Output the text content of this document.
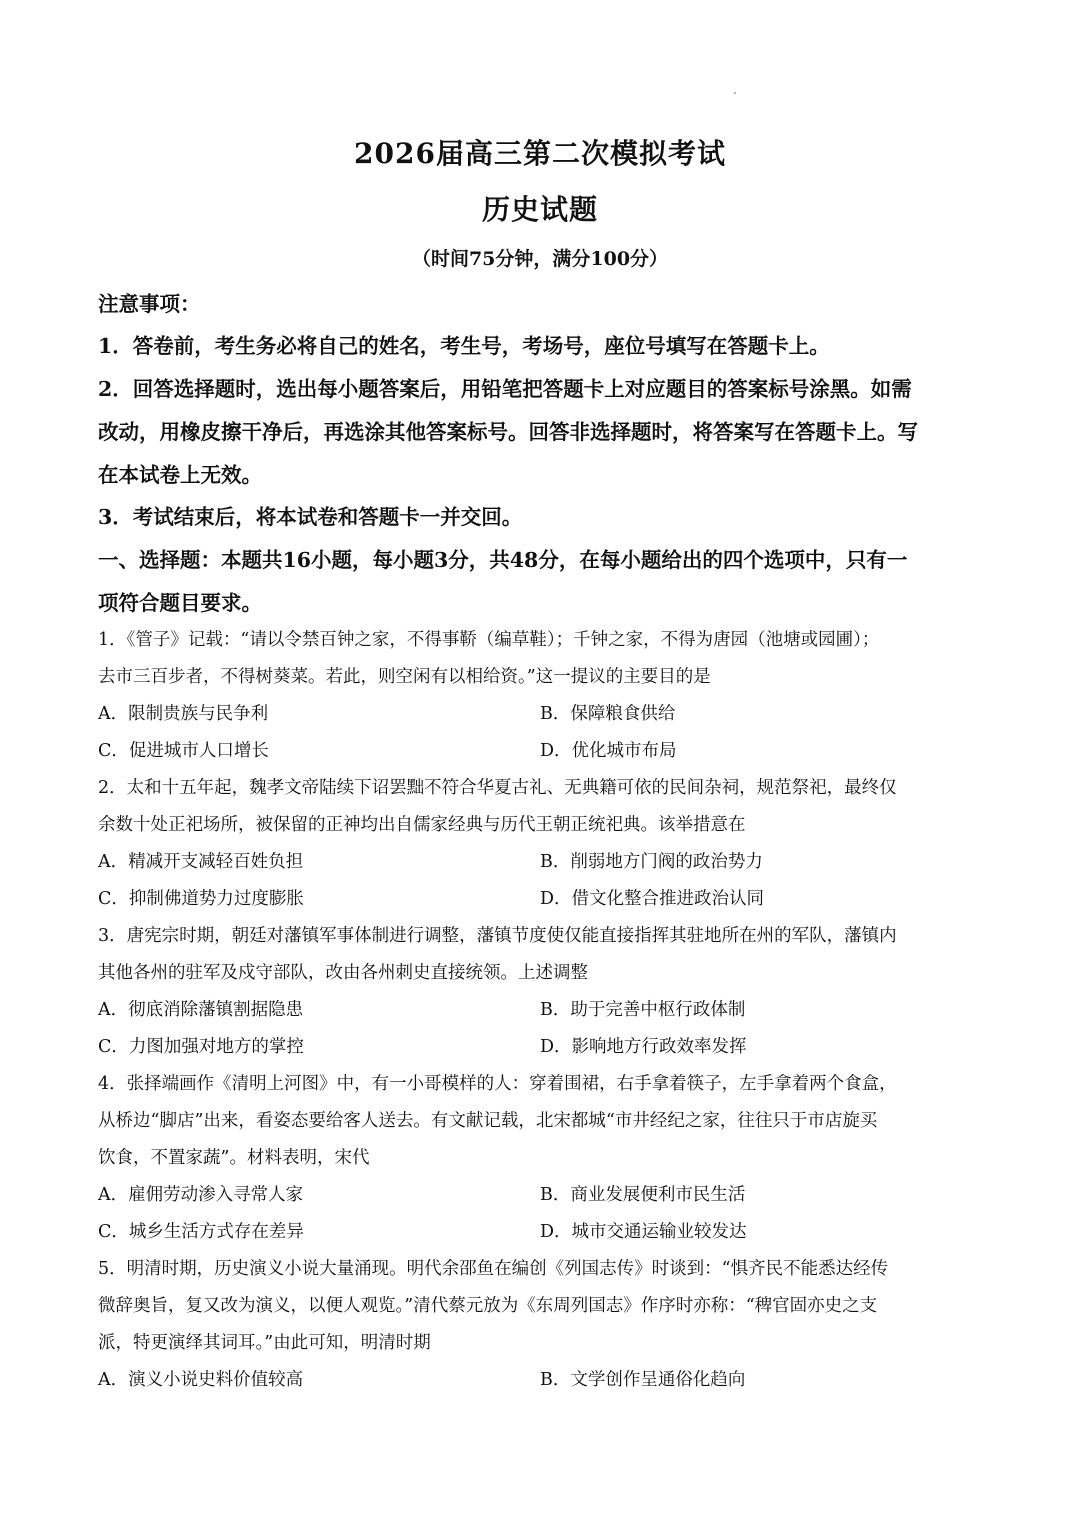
2026届高三第二次模拟考试
历史试题
（时间75分钟，满分100分）
注意事项：
1．答卷前，考生务必将自己的姓名，考生号，考场号，座位号填写在答题卡上。
2．回答选择题时，选出每小题答案后，用铅笔把答题卡上对应题目的答案标号涂黑。如需
改动，用橡皮擦干净后，再选涂其他答案标号。回答非选择题时，将答案写在答题卡上。写
在本试卷上无效。
3．考试结束后，将本试卷和答题卡一并交回。
一、选择题：本题共16小题，每小题3分，共48分，在每小题给出的四个选项中，只有一
项符合题目要求。
1．《管子》记载：“请以令禁百钟之家，不得事鞒（编草鞋）；千钟之家，不得为唐园（池塘或园圃）；
去市三百步者，不得树葵菜。若此，则空闲有以相给资。”这一提议的主要目的是
A．限制贵族与民争利	B．保障粮食供给
C．促进城市人口增长	D．优化城市布局
2．太和十五年起，魏孝文帝陆续下诏罢黜不符合华夏古礼、无典籍可依的民间杂祠，规范祭祀，最终仅
余数十处正祀场所，被保留的正神均出自儒家经典与历代王朝正统祀典。该举措意在
A．精减开支减轻百姓负担	B．削弱地方门阀的政治势力
C．抑制佛道势力过度膨胀	D．借文化整合推进政治认同
3．唐宪宗时期，朝廷对藩镇军事体制进行调整，藩镇节度使仅能直接指挥其驻地所在州的军队，藩镇内
其他各州的驻军及戍守部队，改由各州刺史直接统领。上述调整
A．彻底消除藩镇割据隐患	B．助于完善中枢行政体制
C．力图加强对地方的掌控	D．影响地方行政效率发挥
4．张择端画作《清明上河图》中，有一小哥模样的人：穿着围裙，右手拿着筷子，左手拿着两个食盒，
从桥边“脚店”出来，看姿态要给客人送去。有文献记载，北宋都城“市井经纪之家，往往只于市店旋买
饮食，不置家蔬”。材料表明，宋代
A．雇佣劳动渗入寻常人家	B．商业发展便利市民生活
C．城乡生活方式存在差异	D．城市交通运输业较发达
5．明清时期，历史演义小说大量涌现。明代余邵鱼在编创《列国志传》时谈到：“惧齐民不能悉达经传
微辞奥旨，复又改为演义，以便人观览。”清代蔡元放为《东周列国志》作序时亦称：“稗官固亦史之支
派，特更演绎其词耳。”由此可知，明清时期
A．演义小说史料价值较高	B．文学创作呈通俗化趋向
